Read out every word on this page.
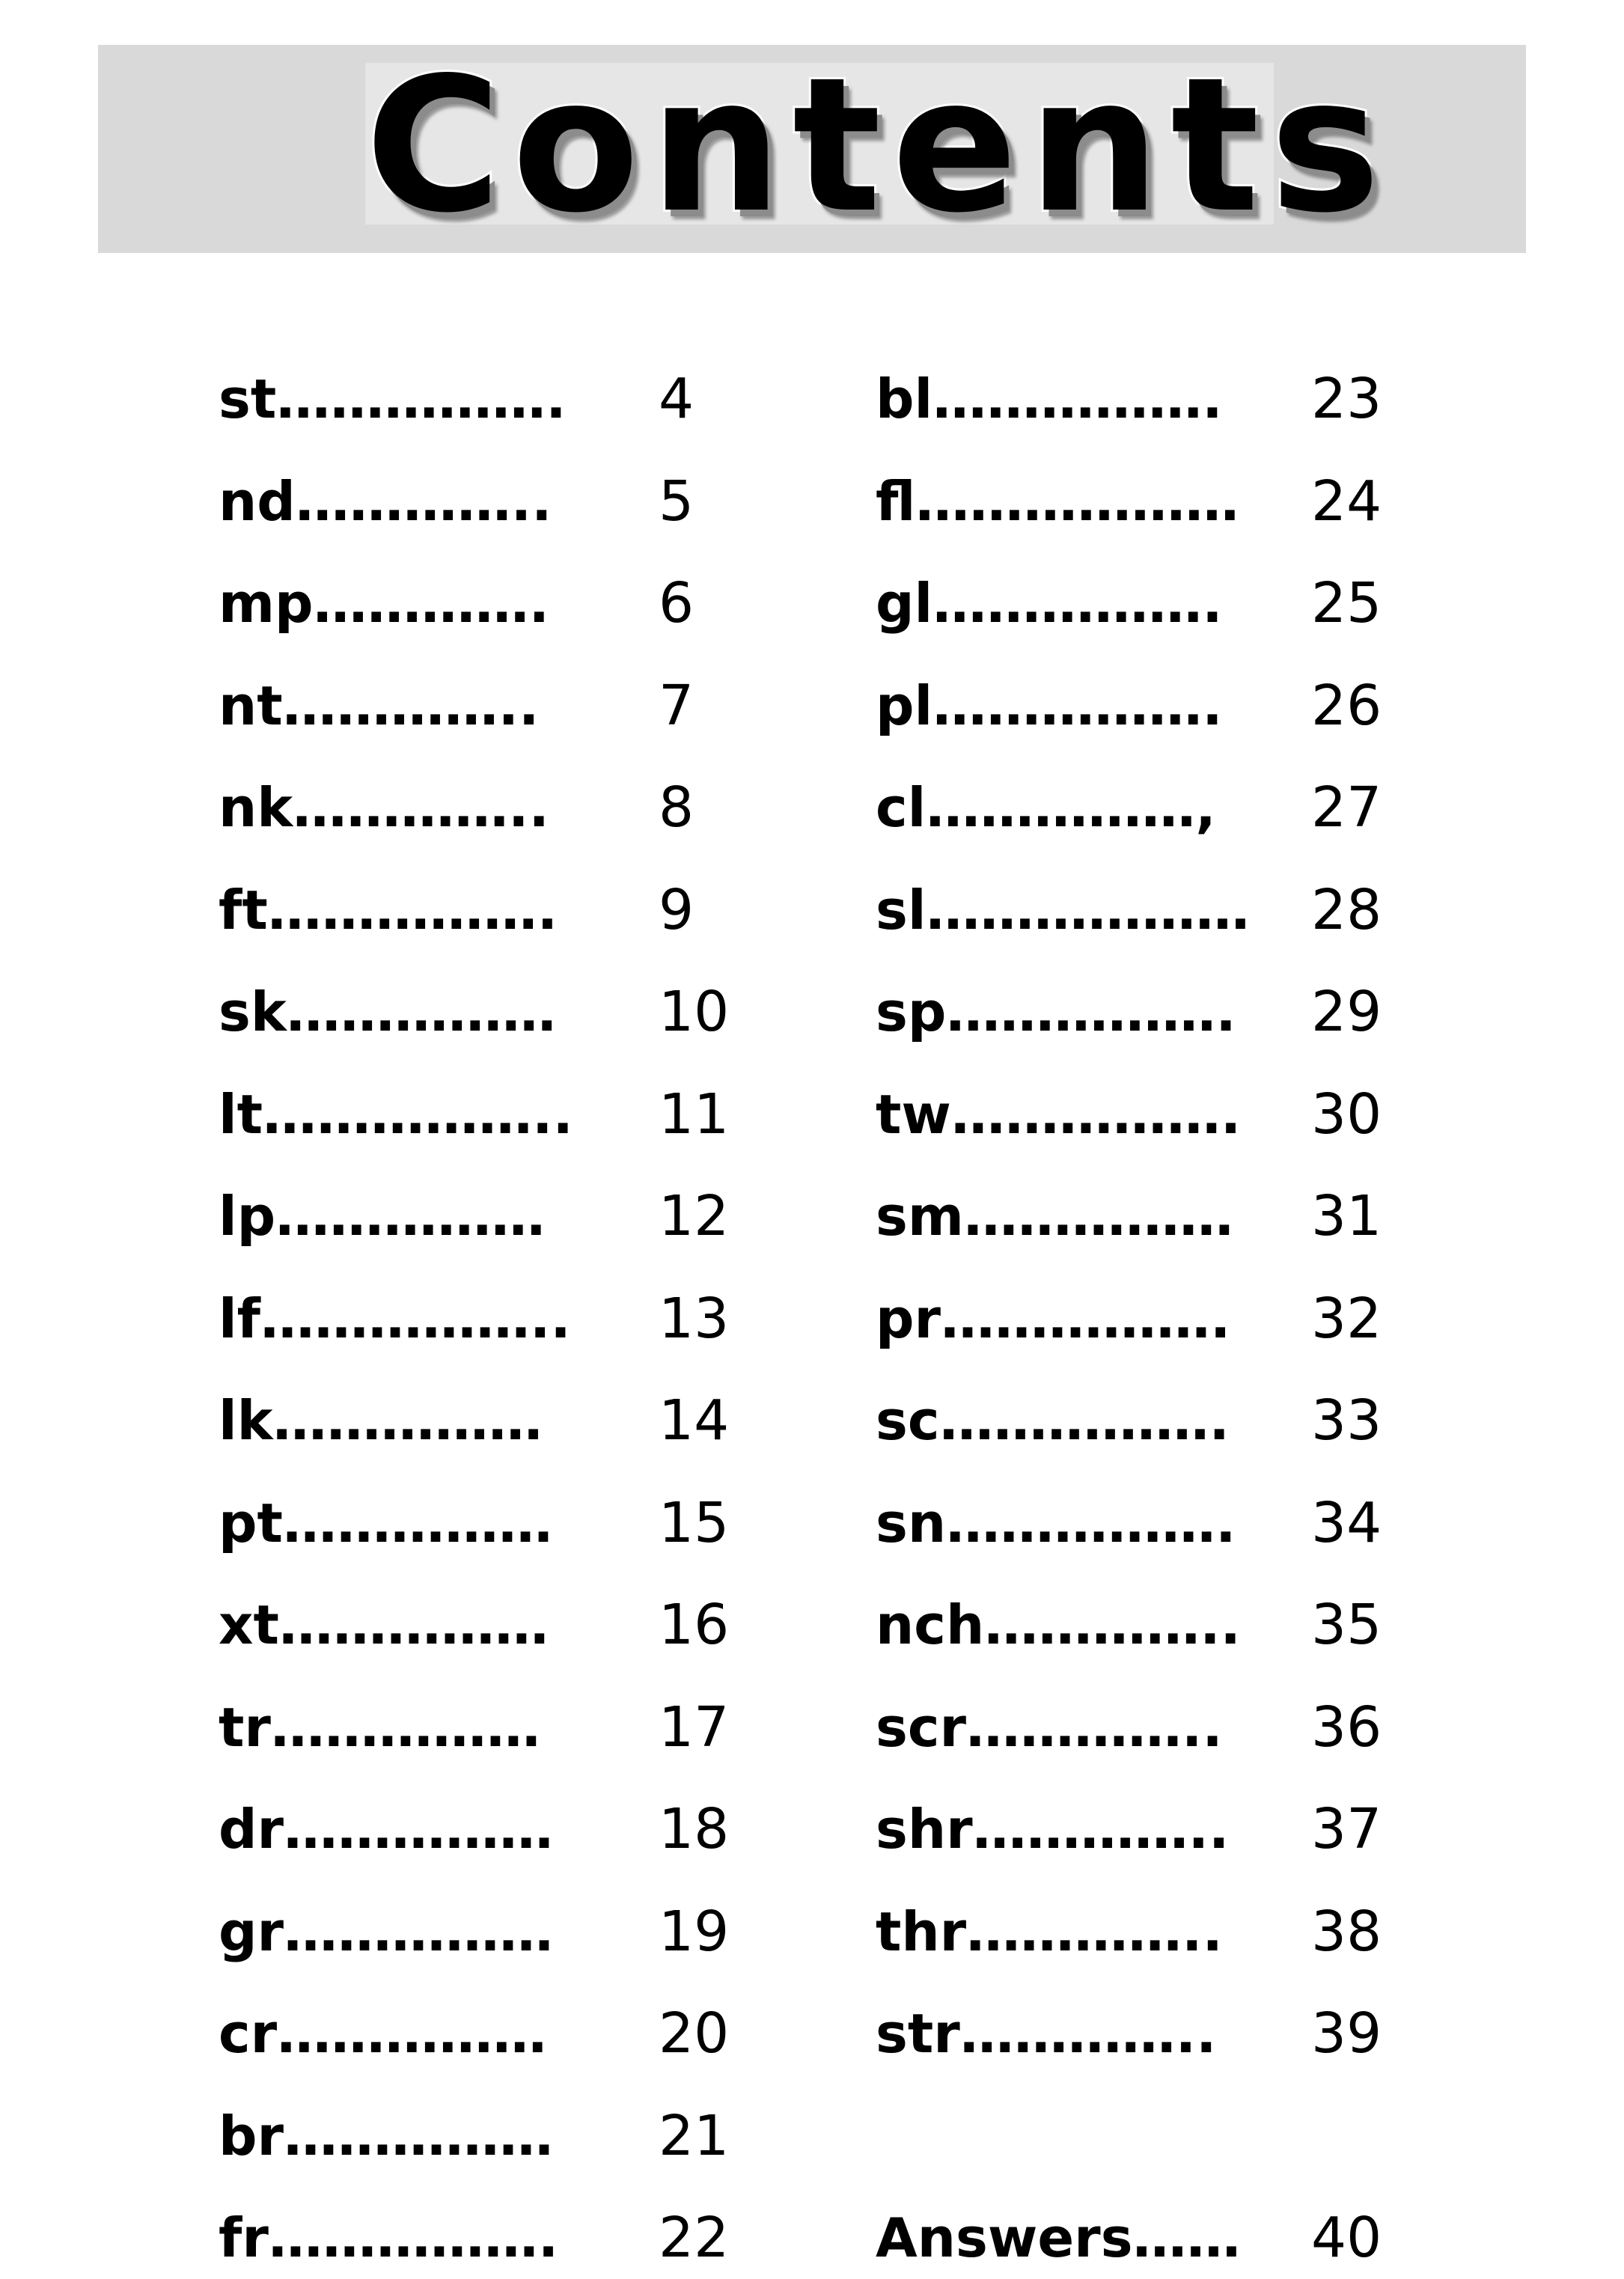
Contents
st……………. 4
nd………….. 5
mp…………. 6
nt………….. 7
nk………….. 8
ft……………. 9
sk…………… 10
lt…………….. 11
lp…………… 12
lf…………….. 13
lk…………… 14
pt…………… 15
xt…………… 16
tr…………… 17
dr…………… 18
gr…………… 19
cr…………… 20
br…………… 21
fr……………. 22
bl……………. 23
fl……………… 24
gl……………. 25
pl……………. 26
cl……………, 27
sl……………… 28
sp……………. 29
tw……………. 30
sm…………… 31
pr……………. 32
sc……………. 33
sn……………. 34
nch………….. 35
scr………….. 36
shr………….. 37
thr………….. 38
str………….. 39
Answers…… 40
